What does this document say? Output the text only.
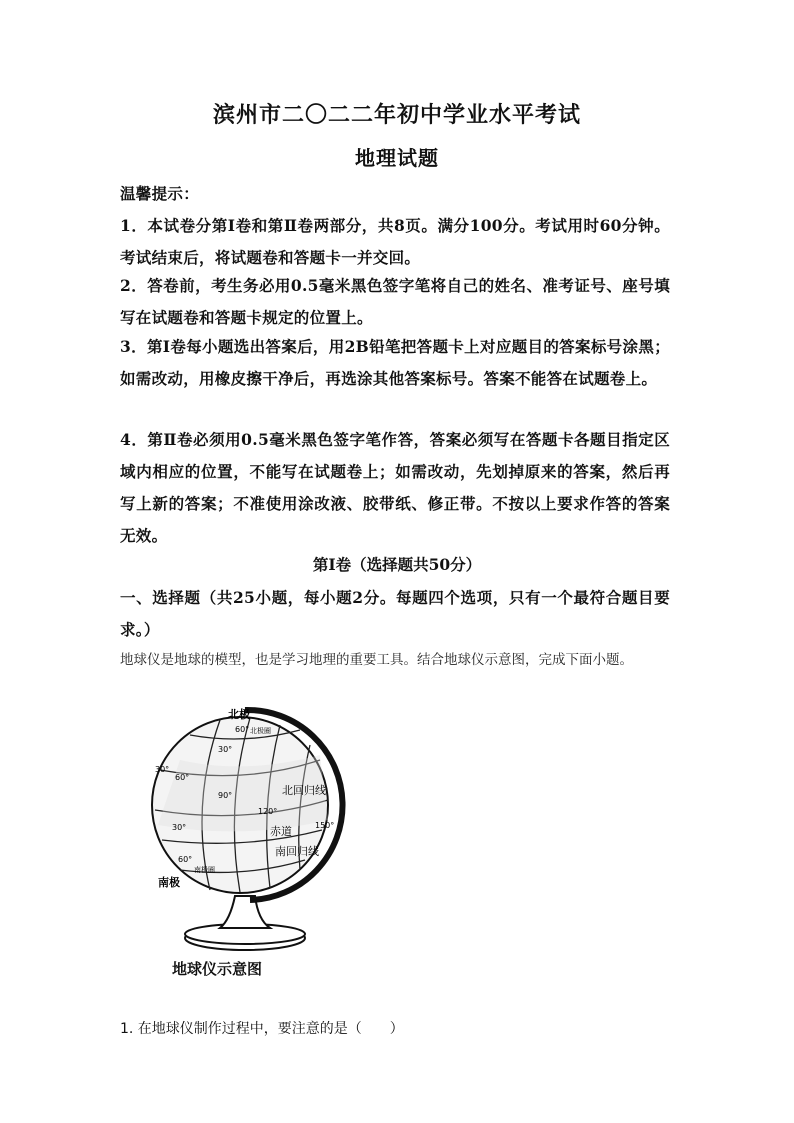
滨州市二〇二二年初中学业水平考试
地理试题
温馨提示：
1．本试卷分第Ⅰ卷和第Ⅱ卷两部分，共8页。满分100分。考试用时60分钟。考试结束后，将试题卷和答题卡一并交回。
2．答卷前，考生务必用0.5毫米黑色签字笔将自己的姓名、准考证号、座号填写在试题卷和答题卡规定的位置上。
3．第Ⅰ卷每小题选出答案后，用2B铅笔把答题卡上对应题目的答案标号涂黑；如需改动，用橡皮擦干净后，再选涂其他答案标号。答案不能答在试题卷上。
4．第Ⅱ卷必须用0.5毫米黑色签字笔作答，答案必须写在答题卡各题目指定区域内相应的位置，不能写在试题卷上；如需改动，先划掉原来的答案，然后再写上新的答案；不准使用涂改液、胶带纸、修正带。不按以上要求作答的答案无效。
第Ⅰ卷（选择题共50分）
一、选择题（共25小题，每小题2分。每题四个选项，只有一个最符合题目要求。）
地球仪是地球的模型，也是学习地理的重要工具。结合地球仪示意图，完成下面小题。
北极
60° 北极圈
30°
30°
60°
90°	北回归线
120°
150°
赤道
30°
南回归线
60°
南极圈
南极
地球仪示意图
1. 在地球仪制作过程中，要注意的是（　　）
